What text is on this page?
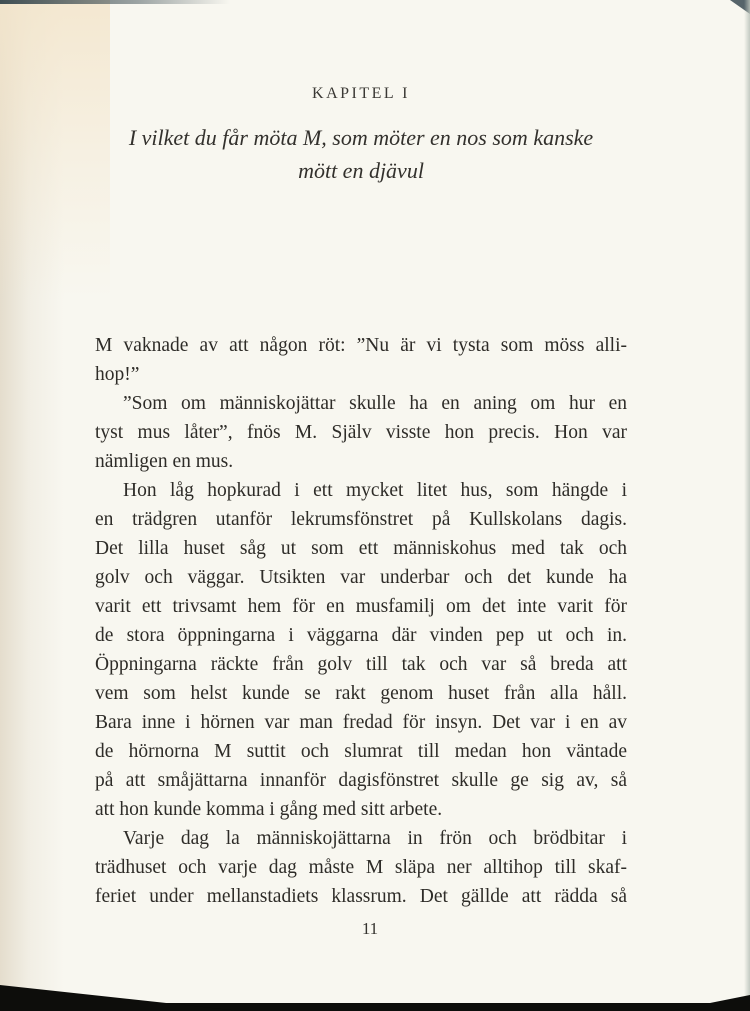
KAPITEL I
I vilket du får möta M, som möter en nos som kanske
mött en djävul
M vaknade av att någon röt: ”Nu är vi tysta som möss alli-
hop!”
”Som om människojättar skulle ha en aning om hur en
tyst mus låter”, fnös M. Själv visste hon precis. Hon var
nämligen en mus.
Hon låg hopkurad i ett mycket litet hus, som hängde i
en trädgren utanför lekrumsfönstret på Kullskolans dagis.
Det lilla huset såg ut som ett människohus med tak och
golv och väggar. Utsikten var underbar och det kunde ha
varit ett trivsamt hem för en musfamilj om det inte varit för
de stora öppningarna i väggarna där vinden pep ut och in.
Öppningarna räckte från golv till tak och var så breda att
vem som helst kunde se rakt genom huset från alla håll.
Bara inne i hörnen var man fredad för insyn. Det var i en av
de hörnorna M suttit och slumrat till medan hon väntade
på att småjättarna innanför dagisfönstret skulle ge sig av, så
att hon kunde komma i gång med sitt arbete.
Varje dag la människojättarna in frön och brödbitar i
trädhuset och varje dag måste M släpa ner alltihop till skaf-
feriet under mellanstadiets klassrum. Det gällde att rädda så
11
